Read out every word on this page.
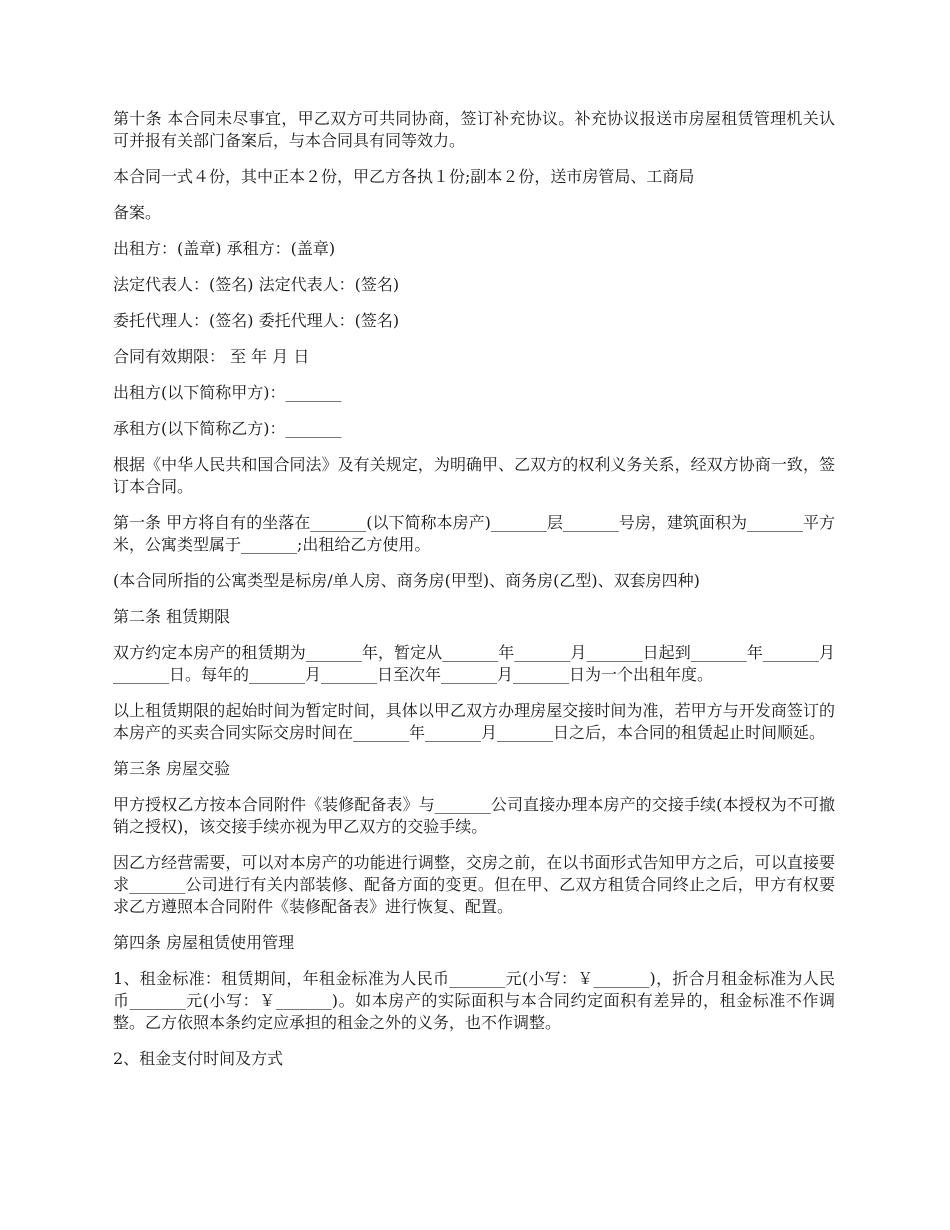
第十条 本合同未尽事宜，甲乙双方可共同协商，签订补充协议。补充协议报送市房屋租赁管理机关认可并报有关部门备案后，与本合同具有同等效力。

本合同一式４份，其中正本２份，甲乙方各执１份;副本２份，送市房管局、工商局

备案。

出租方：(盖章) 承租方：(盖章)

法定代表人：(签名) 法定代表人：(签名)

委托代理人：(签名) 委托代理人：(签名)

合同有效期限： 至 年 月 日

出租方(以下简称甲方)：_______

承租方(以下简称乙方)：_______

根据《中华人民共和国合同法》及有关规定，为明确甲、乙双方的权利义务关系，经双方协商一致，签订本合同。

第一条 甲方将自有的坐落在_______(以下简称本房产)_______层_______号房，建筑面积为_______平方米，公寓类型属于_______;出租给乙方使用。

(本合同所指的公寓类型是标房/单人房、商务房(甲型)、商务房(乙型)、双套房四种)

第二条 租赁期限

双方约定本房产的租赁期为_______年，暂定从_______年_______月_______日起到_______年_______月_______日。每年的_______月_______日至次年_______月_______日为一个出租年度。

以上租赁期限的起始时间为暂定时间，具体以甲乙双方办理房屋交接时间为准，若甲方与开发商签订的本房产的买卖合同实际交房时间在_______年_______月_______日之后，本合同的租赁起止时间顺延。

第三条 房屋交验

甲方授权乙方按本合同附件《装修配备表》与_______公司直接办理本房产的交接手续(本授权为不可撤销之授权)，该交接手续亦视为甲乙双方的交验手续。

因乙方经营需要，可以对本房产的功能进行调整，交房之前，在以书面形式告知甲方之后，可以直接要求_______公司进行有关内部装修、配备方面的变更。但在甲、乙双方租赁合同终止之后，甲方有权要求乙方遵照本合同附件《装修配备表》进行恢复、配置。

第四条 房屋租赁使用管理

1、租金标准：租赁期间，年租金标准为人民币_______元(小写：￥_______)，折合月租金标准为人民币_______元(小写：￥_______)。如本房产的实际面积与本合同约定面积有差异的，租金标准不作调整。乙方依照本条约定应承担的租金之外的义务，也不作调整。

2、租金支付时间及方式
